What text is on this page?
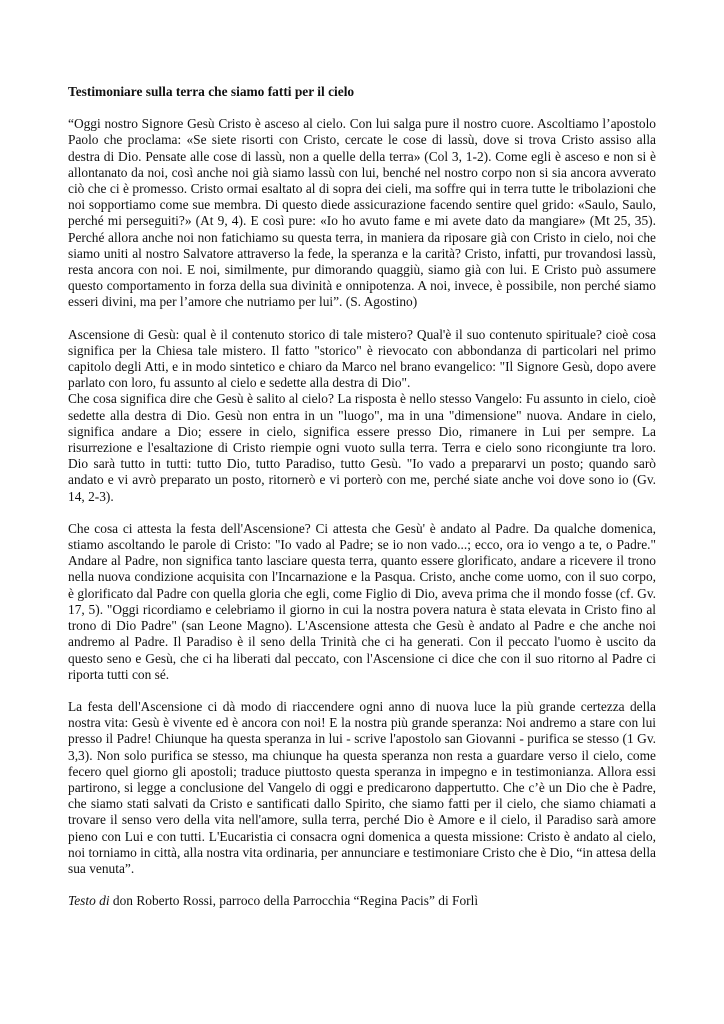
Testimoniare sulla terra che siamo fatti per il cielo

“Oggi nostro Signore Gesù Cristo è asceso al cielo. Con lui salga pure il nostro cuore. Ascoltiamo l’apostolo Paolo che proclama: «Se siete risorti con Cristo, cercate le cose di lassù, dove si trova Cristo assiso alla destra di Dio. Pensate alle cose di lassù, non a quelle della terra» (Col 3, 1-2). Come egli è asceso e non si è allontanato da noi, così anche noi già siamo lassù con lui, benché nel nostro corpo non si sia ancora avverato ciò che ci è promesso. Cristo ormai esaltato al di sopra dei cieli, ma soffre qui in terra tutte le tribolazioni che noi sopportiamo come sue membra. Di questo diede assicurazione facendo sentire quel grido: «Saulo, Saulo, perché mi perseguiti?» (At 9, 4). E così pure: «Io ho avuto fame e mi avete dato da mangiare» (Mt 25, 35). Perché allora anche noi non fatichiamo su questa terra, in maniera da riposare già con Cristo in cielo, noi che siamo uniti al nostro Salvatore attraverso la fede, la speranza e la carità? Cristo, infatti, pur trovandosi lassù, resta ancora con noi. E noi, similmente, pur dimorando quaggiù, siamo già con lui. E Cristo può assumere questo comportamento in forza della sua divinità e onnipotenza. A noi, invece, è possibile, non perché siamo esseri divini, ma per l’amore che nutriamo per lui”. (S. Agostino)

Ascensione di Gesù: qual è il contenuto storico di tale mistero? Qual'è il suo contenuto spirituale? cioè cosa significa per la Chiesa tale mistero. Il fatto "storico" è rievocato con abbondanza di particolari nel primo capitolo degli Atti, e in modo sintetico e chiaro da Marco nel brano evangelico: "Il Signore Gesù, dopo avere parlato con loro, fu assunto al cielo e sedette alla destra di Dio".

Che cosa significa dire che Gesù è salito al cielo? La risposta è nello stesso Vangelo: Fu assunto in cielo, cioè sedette alla destra di Dio. Gesù non entra in un "luogo", ma in una "dimensione" nuova. Andare in cielo, significa andare a Dio; essere in cielo, significa essere presso Dio, rimanere in Lui per sempre. La risurrezione e l'esaltazione di Cristo riempie ogni vuoto sulla terra. Terra e cielo sono ricongiunte tra loro. Dio sarà tutto in tutti: tutto Dio, tutto Paradiso, tutto Gesù. "Io vado a prepararvi un posto; quando sarò andato e vi avrò preparato un posto, ritornerò e vi porterò con me, perché siate anche voi dove sono io (Gv. 14, 2-3).

Che cosa ci attesta la festa dell'Ascensione? Ci attesta che Gesù' è andato al Padre. Da qualche domenica, stiamo ascoltando le parole di Cristo: "Io vado al Padre; se io non vado...; ecco, ora io vengo a te, o Padre." Andare al Padre, non significa tanto lasciare questa terra, quanto essere glorificato, andare a ricevere il trono nella nuova condizione acquisita con l'Incarnazione e la Pasqua. Cristo, anche come uomo, con il suo corpo, è glorificato dal Padre con quella gloria che egli, come Figlio di Dio, aveva prima che il mondo fosse (cf. Gv. 17, 5). "Oggi ricordiamo e celebriamo il giorno in cui la nostra povera natura è stata elevata in Cristo fino al trono di Dio Padre" (san Leone Magno). L'Ascensione attesta che Gesù è andato al Padre e che anche noi andremo al Padre. Il Paradiso è il seno della Trinità che ci ha generati. Con il peccato l'uomo è uscito da questo seno e Gesù, che ci ha liberati dal peccato, con l'Ascensione ci dice che con il suo ritorno al Padre ci riporta tutti con sé.

La festa dell'Ascensione ci dà modo di riaccendere ogni anno di nuova luce la più grande certezza della nostra vita: Gesù è vivente ed è ancora con noi! E la nostra più grande speranza: Noi andremo a stare con lui presso il Padre! Chiunque ha questa speranza in lui - scrive l'apostolo san Giovanni - purifica se stesso (1 Gv. 3,3). Non solo purifica se stesso, ma chiunque ha questa speranza non resta a guardare verso il cielo, come fecero quel giorno gli apostoli; traduce piuttosto questa speranza in impegno e in testimonianza. Allora essi partirono, si legge a conclusione del Vangelo di oggi e predicarono dappertutto. Che c’è un Dio che è Padre, che siamo stati salvati da Cristo e santificati dallo Spirito, che siamo fatti per il cielo, che siamo chiamati a trovare il senso vero della vita nell'amore, sulla terra, perché Dio è Amore e il cielo, il Paradiso sarà amore pieno con Lui e con tutti. L'Eucaristia ci consacra ogni domenica a questa missione: Cristo è andato al cielo, noi torniamo in città, alla nostra vita ordinaria, per annunciare e testimoniare Cristo che è Dio, “in attesa della sua venuta”.

Testo di don Roberto Rossi, parroco della Parrocchia “Regina Pacis” di Forlì
